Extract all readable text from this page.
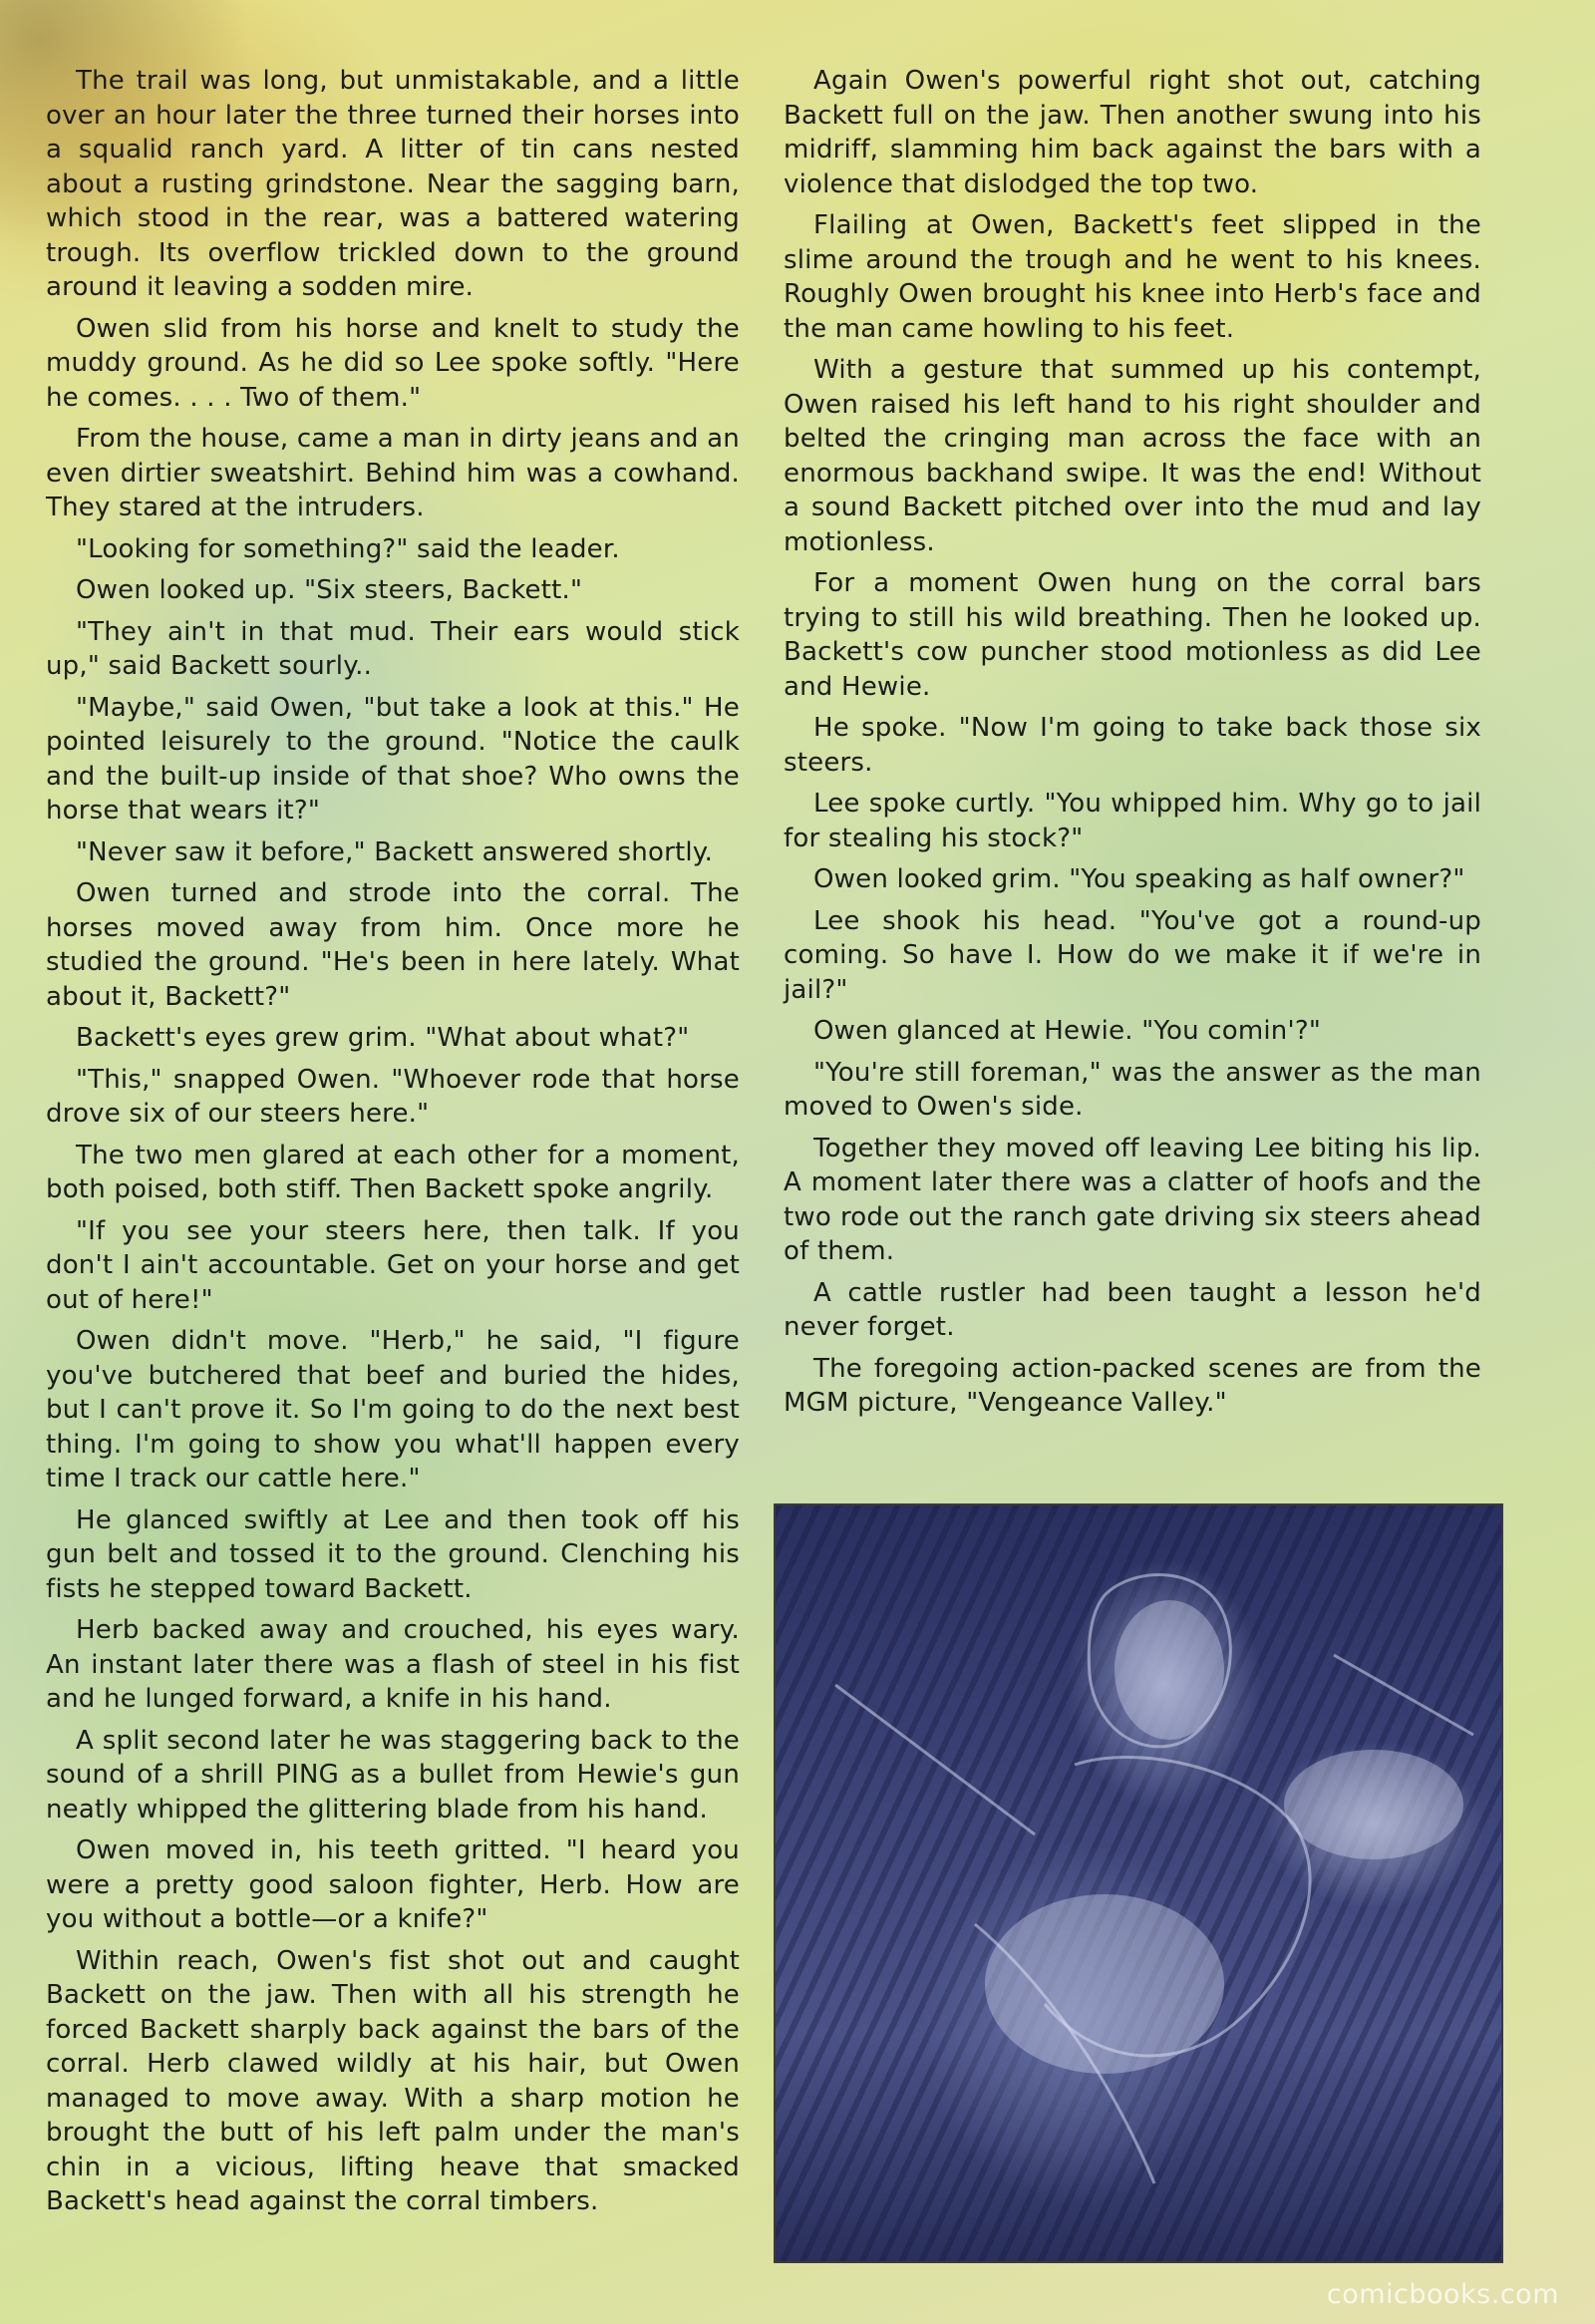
The trail was long, but unmistakable, and a little over an hour later the three turned their horses into a squalid ranch yard. A litter of tin cans nested about a rusting grindstone. Near the sagging barn, which stood in the rear, was a battered watering trough. Its overflow trickled down to the ground around it leaving a sodden mire.

Owen slid from his horse and knelt to study the muddy ground. As he did so Lee spoke softly. "Here he comes. . . . Two of them."

From the house, came a man in dirty jeans and an even dirtier sweatshirt. Behind him was a cowhand. They stared at the intruders.

"Looking for something?" said the leader.

Owen looked up. "Six steers, Backett."

"They ain't in that mud. Their ears would stick up," said Backett sourly..

"Maybe," said Owen, "but take a look at this." He pointed leisurely to the ground. "Notice the caulk and the built-up inside of that shoe? Who owns the horse that wears it?"

"Never saw it before," Backett answered shortly.

Owen turned and strode into the corral. The horses moved away from him. Once more he studied the ground. "He's been in here lately. What about it, Backett?"

Backett's eyes grew grim. "What about what?"

"This," snapped Owen. "Whoever rode that horse drove six of our steers here."

The two men glared at each other for a moment, both poised, both stiff. Then Backett spoke angrily.

"If you see your steers here, then talk. If you don't I ain't accountable. Get on your horse and get out of here!"

Owen didn't move. "Herb," he said, "I figure you've butchered that beef and buried the hides, but I can't prove it. So I'm going to do the next best thing. I'm going to show you what'll happen every time I track our cattle here."

He glanced swiftly at Lee and then took off his gun belt and tossed it to the ground. Clenching his fists he stepped toward Backett.

Herb backed away and crouched, his eyes wary. An instant later there was a flash of steel in his fist and he lunged forward, a knife in his hand.

A split second later he was staggering back to the sound of a shrill PING as a bullet from Hewie's gun neatly whipped the glittering blade from his hand.

Owen moved in, his teeth gritted. "I heard you were a pretty good saloon fighter, Herb. How are you without a bottle—or a knife?"

Within reach, Owen's fist shot out and caught Backett on the jaw. Then with all his strength he forced Backett sharply back against the bars of the corral. Herb clawed wildly at his hair, but Owen managed to move away. With a sharp motion he brought the butt of his left palm under the man's chin in a vicious, lifting heave that smacked Backett's head against the corral timbers.

Again Owen's powerful right shot out, catching Backett full on the jaw. Then another swung into his midriff, slamming him back against the bars with a violence that dislodged the top two.

Flailing at Owen, Backett's feet slipped in the slime around the trough and he went to his knees. Roughly Owen brought his knee into Herb's face and the man came howling to his feet.

With a gesture that summed up his contempt, Owen raised his left hand to his right shoulder and belted the cringing man across the face with an enormous backhand swipe. It was the end! Without a sound Backett pitched over into the mud and lay motionless.

For a moment Owen hung on the corral bars trying to still his wild breathing. Then he looked up. Backett's cow puncher stood motionless as did Lee and Hewie.

He spoke. "Now I'm going to take back those six steers.

Lee spoke curtly. "You whipped him. Why go to jail for stealing his stock?"

Owen looked grim. "You speaking as half owner?"

Lee shook his head. "You've got a round-up coming. So have I. How do we make it if we're in jail?"

Owen glanced at Hewie. "You comin'?"

"You're still foreman," was the answer as the man moved to Owen's side.

Together they moved off leaving Lee biting his lip. A moment later there was a clatter of hoofs and the two rode out the ranch gate driving six steers ahead of them.

A cattle rustler had been taught a lesson he'd never forget.

The foregoing action-packed scenes are from the MGM picture, "Vengeance Valley."

comicbooks.com
